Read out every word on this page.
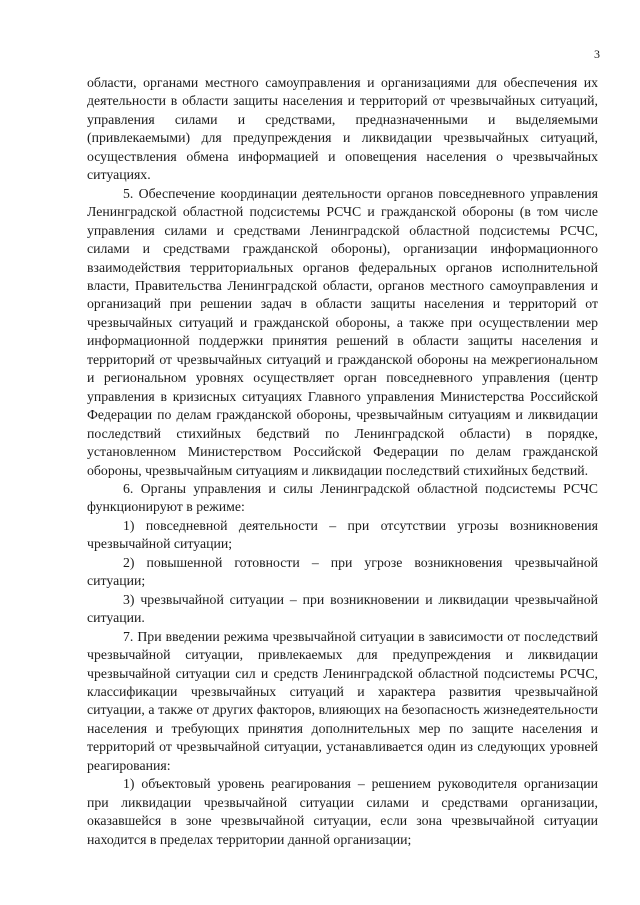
3

области, органами местного самоуправления и организациями для обеспечения их деятельности в области защиты населения и территорий от чрезвычайных ситуаций, управления силами и средствами, предназначенными и выделяемыми (привлекаемыми) для предупреждения и ликвидации чрезвычайных ситуаций, осуществления обмена информацией и оповещения населения о чрезвычайных ситуациях.

5. Обеспечение координации деятельности органов повседневного управления Ленинградской областной подсистемы РСЧС и гражданской обороны (в том числе управления силами и средствами Ленинградской областной подсистемы РСЧС, силами и средствами гражданской обороны), организации информационного взаимодействия территориальных органов федеральных органов исполнительной власти, Правительства Ленинградской области, органов местного самоуправления и организаций при решении задач в области защиты населения и территорий от чрезвычайных ситуаций и гражданской обороны, а также при осуществлении мер информационной поддержки принятия решений в области защиты населения и территорий от чрезвычайных ситуаций и гражданской обороны на межрегиональном и региональном уровнях осуществляет орган повседневного управления (центр управления в кризисных ситуациях Главного управления Министерства Российской Федерации по делам гражданской обороны, чрезвычайным ситуациям и ликвидации последствий стихийных бедствий по Ленинградской области) в порядке, установленном Министерством Российской Федерации по делам гражданской обороны, чрезвычайным ситуациям и ликвидации последствий стихийных бедствий.

6. Органы управления и силы Ленинградской областной подсистемы РСЧС функционируют в режиме:

1) повседневной деятельности – при отсутствии угрозы возникновения чрезвычайной ситуации;

2) повышенной готовности – при угрозе возникновения чрезвычайной ситуации;

3) чрезвычайной ситуации – при возникновении и ликвидации чрезвычайной ситуации.

7. При введении режима чрезвычайной ситуации в зависимости от последствий чрезвычайной ситуации, привлекаемых для предупреждения и ликвидации чрезвычайной ситуации сил и средств Ленинградской областной подсистемы РСЧС, классификации чрезвычайных ситуаций и характера развития чрезвычайной ситуации, а также от других факторов, влияющих на безопасность жизнедеятельности населения и требующих принятия дополнительных мер по защите населения и территорий от чрезвычайной ситуации, устанавливается один из следующих уровней реагирования:

1) объектовый уровень реагирования – решением руководителя организации при ликвидации чрезвычайной ситуации силами и средствами организации, оказавшейся в зоне чрезвычайной ситуации, если зона чрезвычайной ситуации находится в пределах территории данной организации;
